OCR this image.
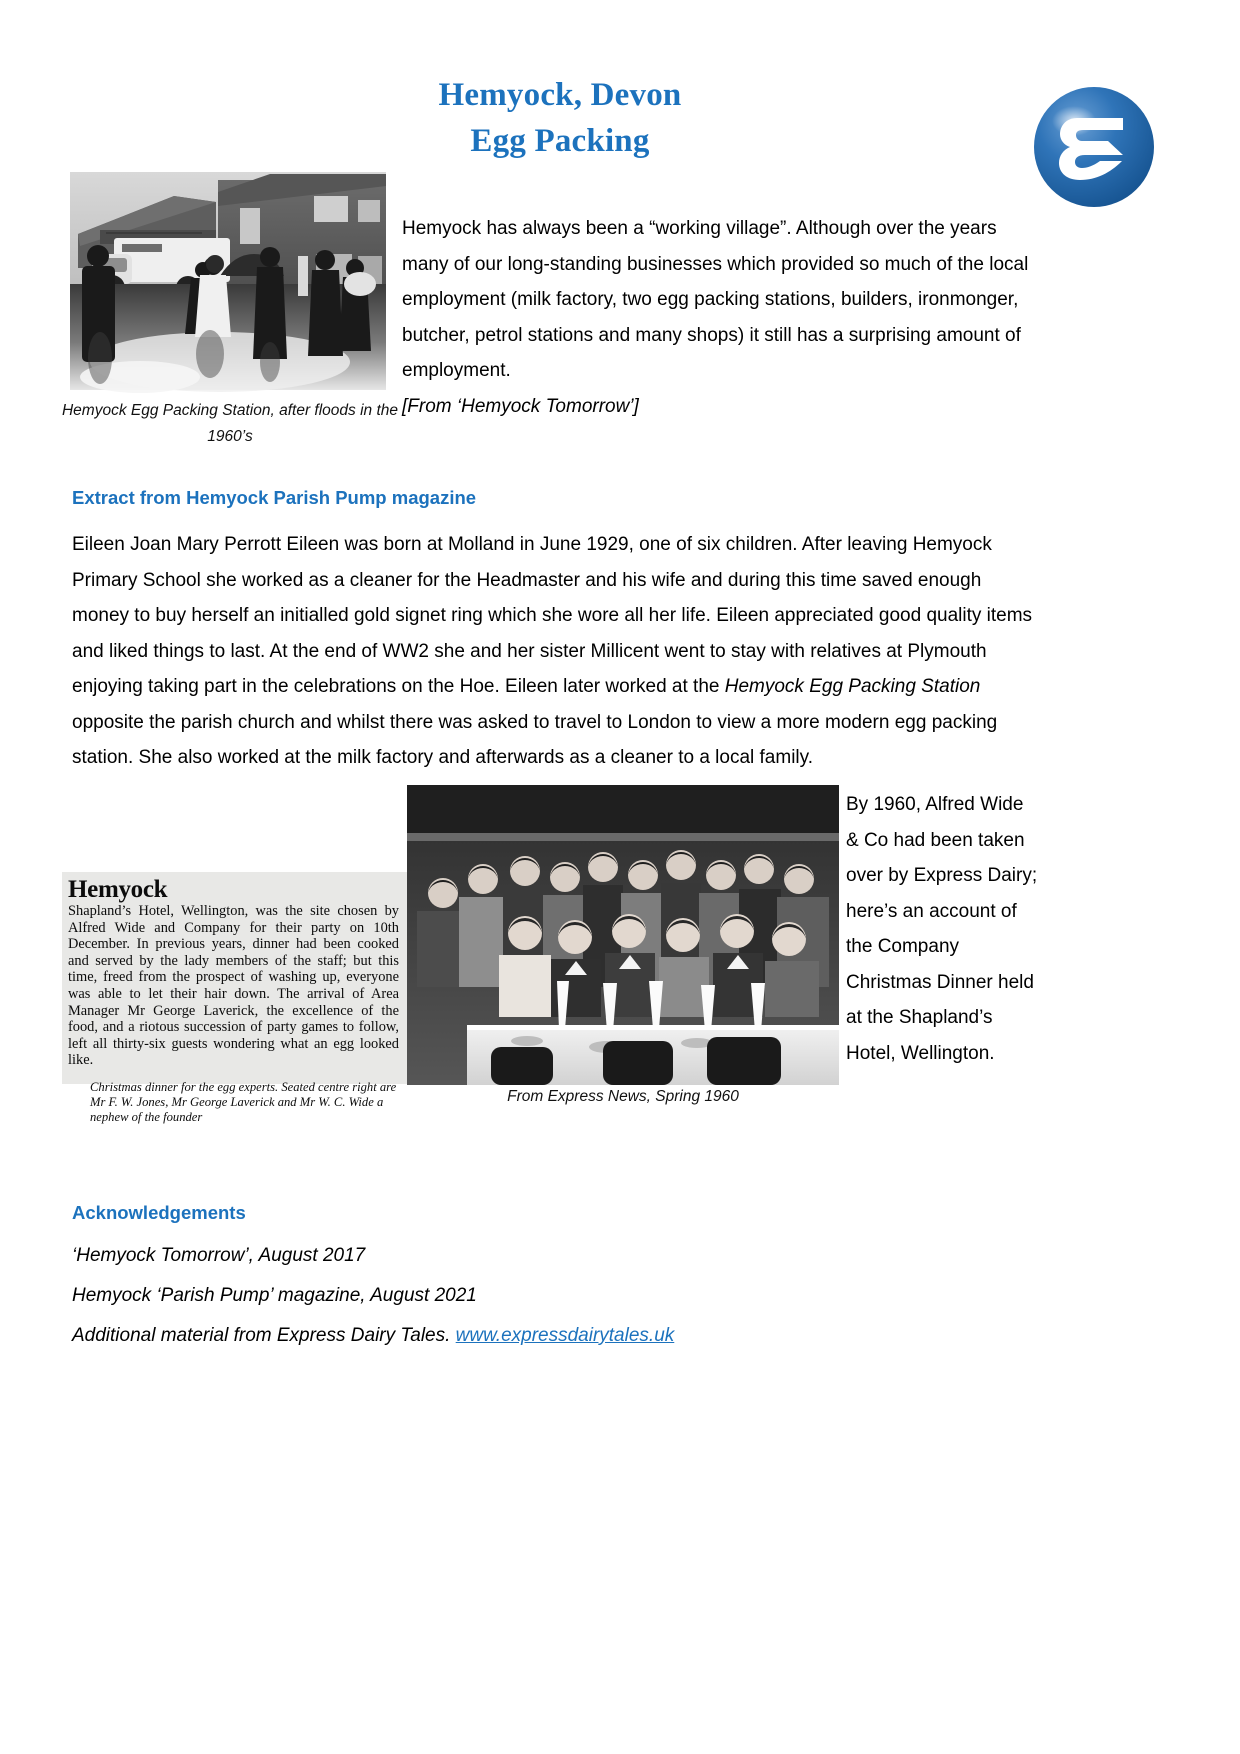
Hemyock, Devon
Egg Packing
Hemyock Egg Packing Station, after floods in the 1960’s
Hemyock has always been a “working village”. Although over the years many of our long-standing businesses which provided so much of the local employment (milk factory, two egg packing stations, builders, ironmonger, butcher, petrol stations and many shops) it still has a surprising amount of employment.
[From ‘Hemyock Tomorrow’]
Extract from Hemyock Parish Pump magazine
Eileen Joan Mary Perrott Eileen was born at Molland in June 1929, one of six children. After leaving Hemyock Primary School she worked as a cleaner for the Headmaster and his wife and during this time saved enough money to buy herself an initialled gold signet ring which she wore all her life. Eileen appreciated good quality items and liked things to last. At the end of WW2 she and her sister Millicent went to stay with relatives at Plymouth enjoying taking part in the celebrations on the Hoe. Eileen later worked at the Hemyock Egg Packing Station opposite the parish church and whilst there was asked to travel to London to view a more modern egg packing station. She also worked at the milk factory and afterwards as a cleaner to a local family.
Hemyock
Shapland’s Hotel, Wellington, was the site chosen by Alfred Wide and Company for their party on 10th December. In previous years, dinner had been cooked and served by the lady members of the staff; but this time, freed from the prospect of washing up, everyone was able to let their hair down. The arrival of Area Manager Mr George Laverick, the excellence of the food, and a riotous succession of party games to follow, left all thirty-six guests wondering what an egg looked like.
Christmas dinner for the egg experts. Seated centre right are Mr F. W. Jones, Mr George Laverick and Mr W. C. Wide a nephew of the founder
From Express News, Spring 1960
By 1960, Alfred Wide & Co had been taken over by Express Dairy; here’s an account of the Company Christmas Dinner held at the Shapland’s Hotel, Wellington.
Acknowledgements
‘Hemyock Tomorrow’, August 2017
Hemyock ‘Parish Pump’ magazine, August 2021
Additional material from Express Dairy Tales. www.expressdairytales.uk
